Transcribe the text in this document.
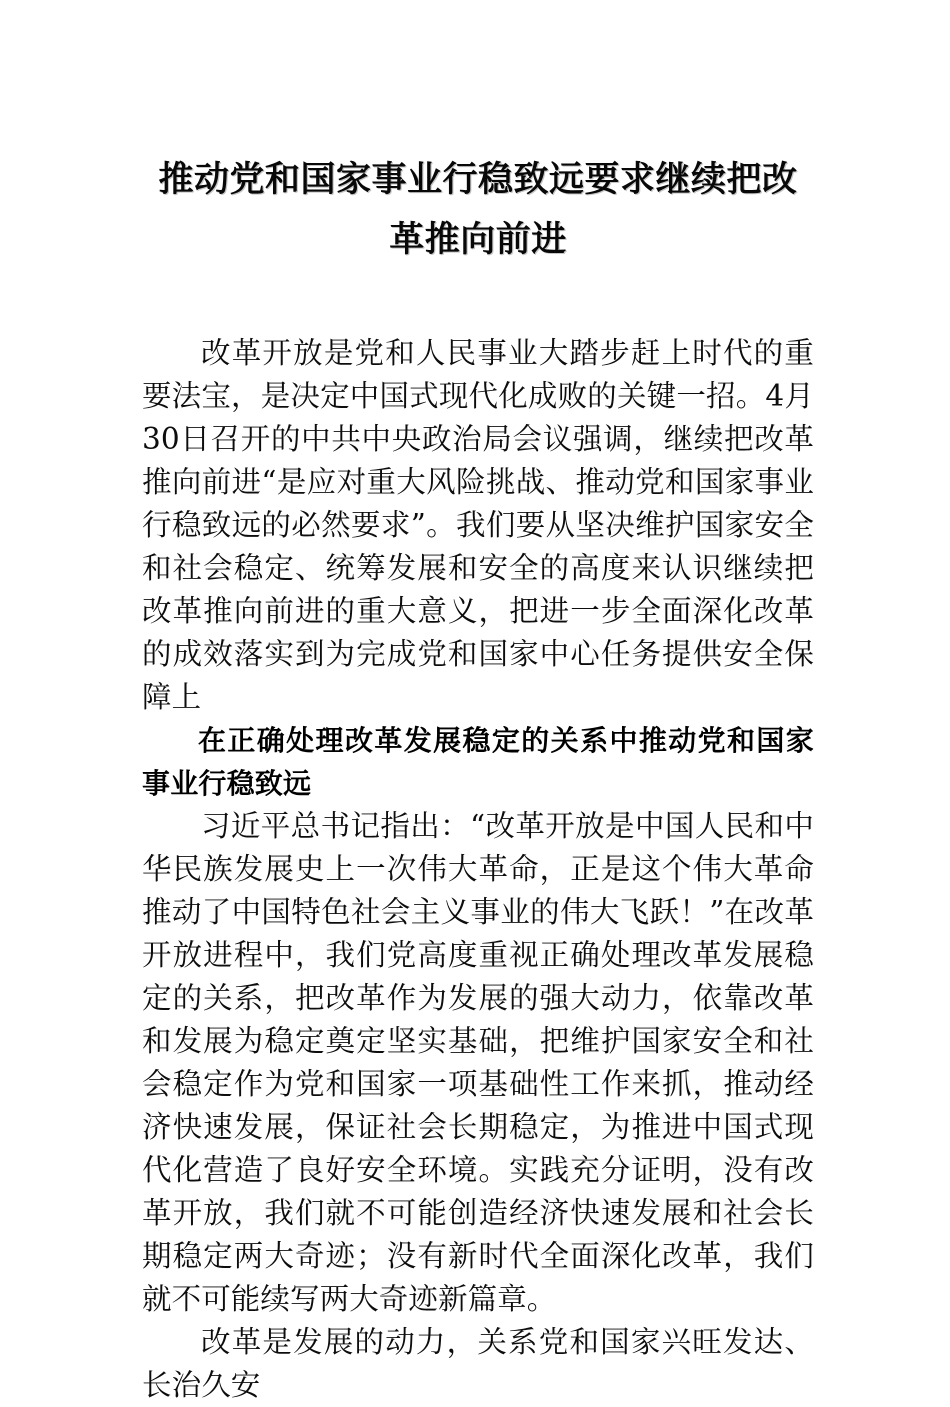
推动党和国家事业行稳致远要求继续把改
革推向前进

改革开放是党和人民事业大踏步赶上时代的重要法宝，是决定中国式现代化成败的关键一招。4月30日召开的中共中央政治局会议强调，继续把改革推向前进“是应对重大风险挑战、推动党和国家事业行稳致远的必然要求”。我们要从坚决维护国家安全和社会稳定、统筹发展和安全的高度来认识继续把改革推向前进的重大意义，把进一步全面深化改革的成效落实到为完成党和国家中心任务提供安全保障上

在正确处理改革发展稳定的关系中推动党和国家事业行稳致远

习近平总书记指出：“改革开放是中国人民和中华民族发展史上一次伟大革命，正是这个伟大革命推动了中国特色社会主义事业的伟大飞跃！”在改革开放进程中，我们党高度重视正确处理改革发展稳定的关系，把改革作为发展的强大动力，依靠改革和发展为稳定奠定坚实基础，把维护国家安全和社会稳定作为党和国家一项基础性工作来抓，推动经济快速发展，保证社会长期稳定，为推进中国式现代化营造了良好安全环境。实践充分证明，没有改革开放，我们就不可能创造经济快速发展和社会长期稳定两大奇迹；没有新时代全面深化改革，我们就不可能续写两大奇迹新篇章。

改革是发展的动力，关系党和国家兴旺发达、长治久安
